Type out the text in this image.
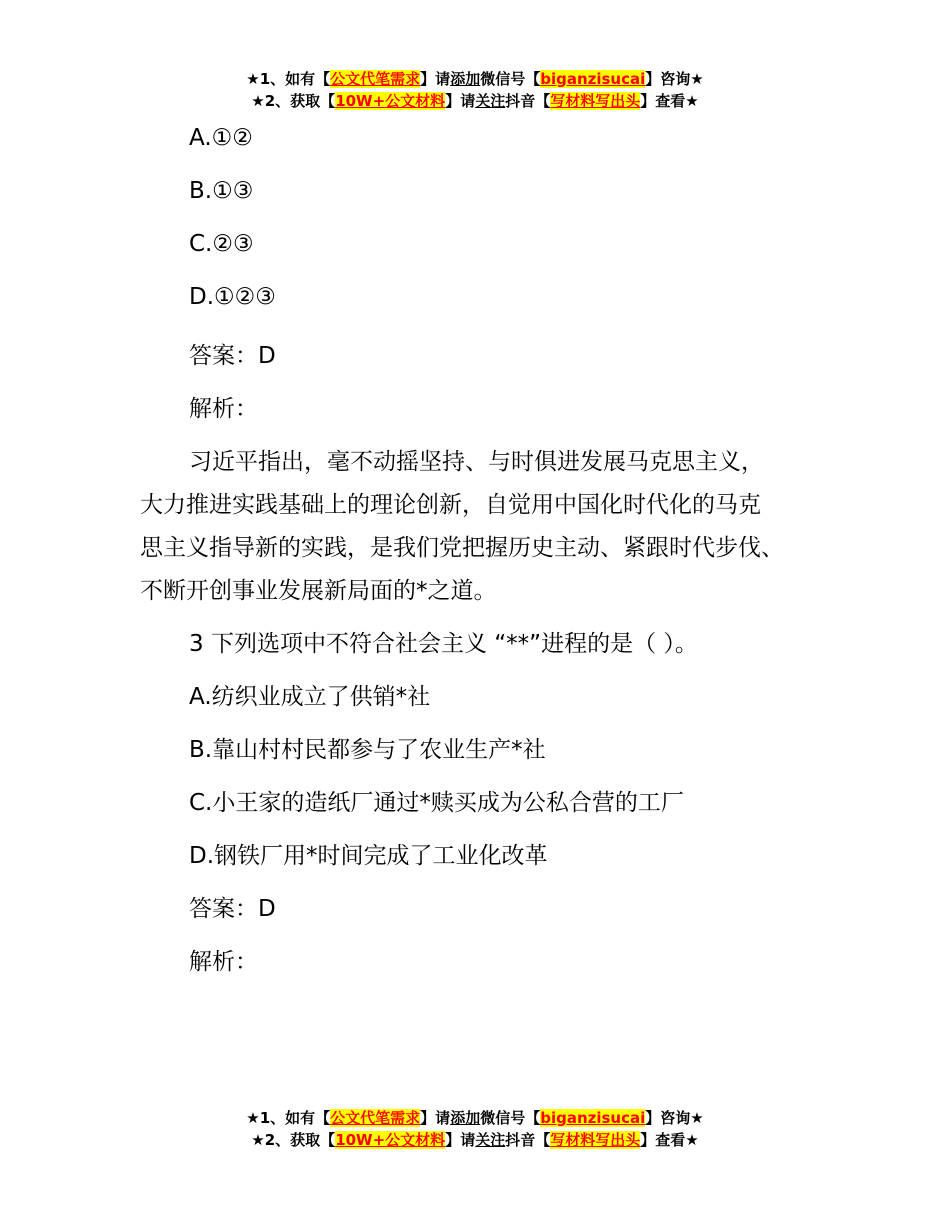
★1、如有【公文代笔需求】请添加微信号【biganzisucai】咨询★
★2、获取【10W+公文材料】请关注抖音【写材料写出头】查看★
A.①②
B.①③
C.②③
D.①②③
答案：D
解析：
习近平指出，毫不动摇坚持、与时俱进发展马克思主义，
大力推进实践基础上的理论创新，自觉用中国化时代化的马克
思主义指导新的实践，是我们党把握历史主动、紧跟时代步伐、
不断开创事业发展新局面的*之道。
3 下列选项中不符合社会主义 “**”进程的是（ ）。
A.纺织业成立了供销*社
B.靠山村村民都参与了农业生产*社
C.小王家的造纸厂通过*赎买成为公私合营的工厂
D.钢铁厂用*时间完成了工业化改革
答案：D
解析：
★1、如有【公文代笔需求】请添加微信号【biganzisucai】咨询★
★2、获取【10W+公文材料】请关注抖音【写材料写出头】查看★
